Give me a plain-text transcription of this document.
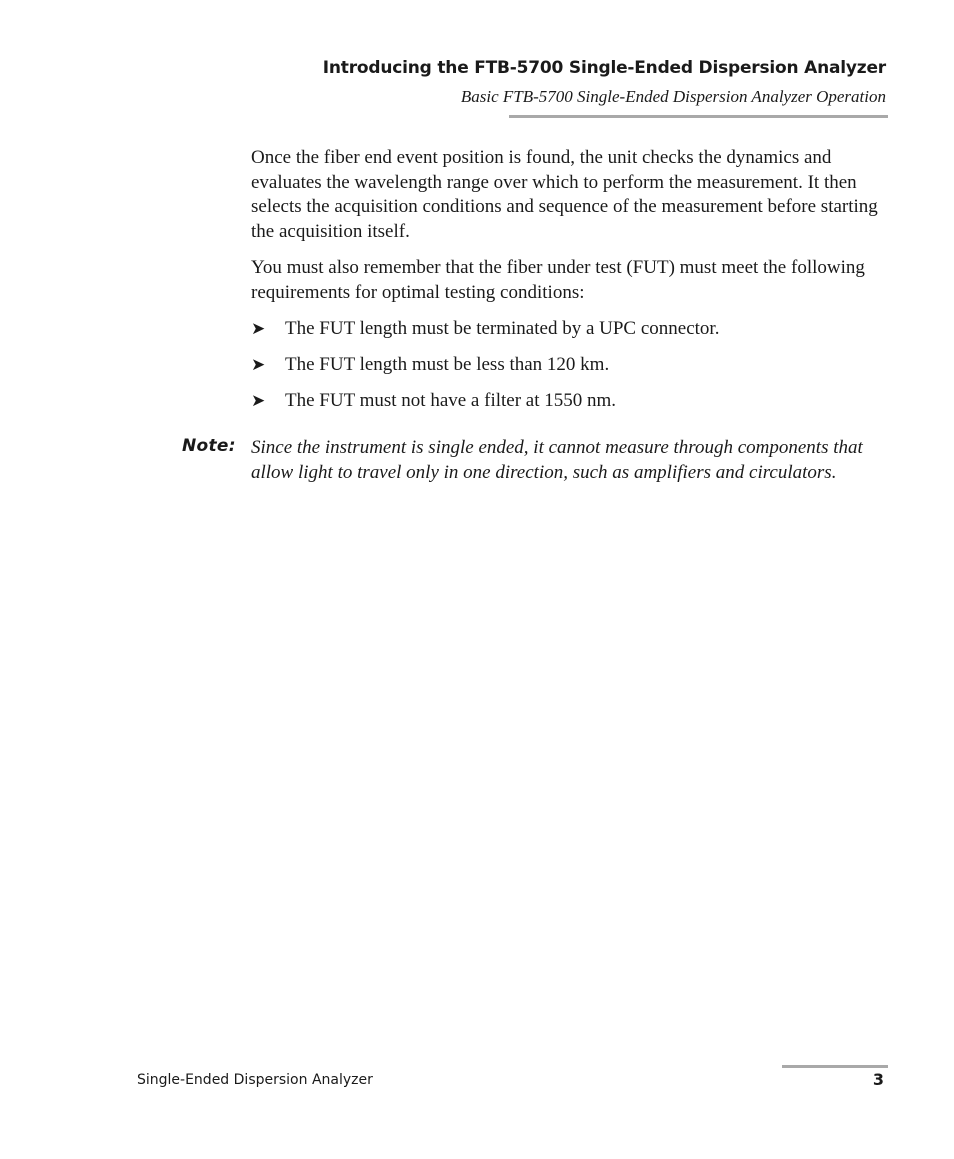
Introducing the FTB-5700 Single-Ended Dispersion Analyzer
Basic FTB-5700 Single-Ended Dispersion Analyzer Operation

Once the fiber end event position is found, the unit checks the dynamics and evaluates the wavelength range over which to perform the measurement. It then selects the acquisition conditions and sequence of the measurement before starting the acquisition itself.

You must also remember that the fiber under test (FUT) must meet the following requirements for optimal testing conditions:

➤ The FUT length must be terminated by a UPC connector.
➤ The FUT length must be less than 120 km.
➤ The FUT must not have a filter at 1550 nm.
Note: Since the instrument is single ended, it cannot measure through components that allow light to travel only in one direction, such as amplifiers and circulators.

Single-Ended Dispersion Analyzer	3
